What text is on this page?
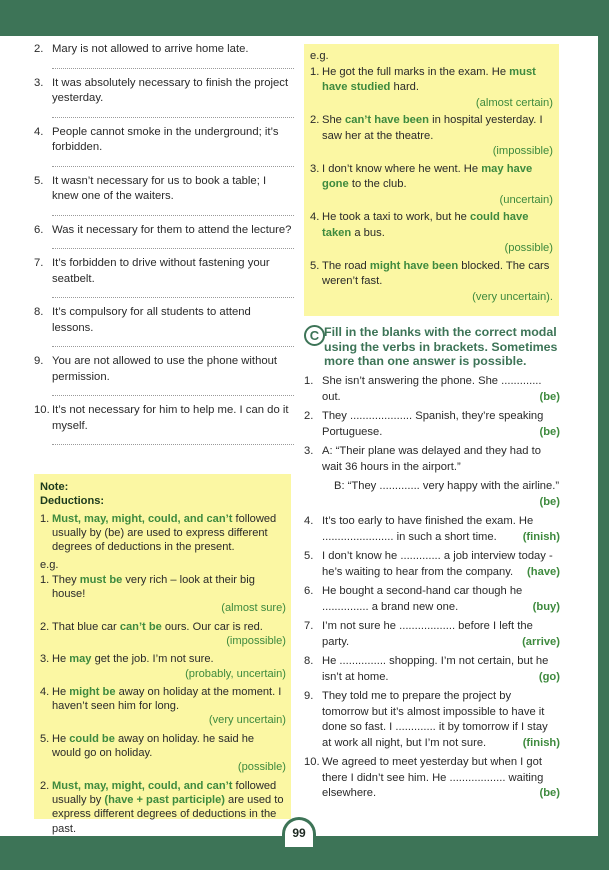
99
2. Mary is not allowed to arrive home late.
3. It was absolutely necessary to finish the project yesterday.
4. People cannot smoke in the underground; it’s forbidden.
5. It wasn’t necessary for us to book a table; I knew one of the waiters.
6. Was it necessary for them to attend the lecture?
7. It’s forbidden to drive without fastening your seatbelt.
8. It’s compulsory for all students to attend lessons.
9. You are not allowed to use the phone without permission.
10. It’s not necessary for him to help me. I can do it myself.
Note:
Deductions:
1. Must, may, might, could, and can’t followed usually by (be) are used to express different degrees of deductions in the present.
e.g.
1. They must be very rich – look at their big house!
(almost sure)
2. That blue car can’t be ours. Our car is red.
(impossible)
3. He may get the job. I’m not sure.
(probably, uncertain)
4. He might be away on holiday at the moment. I haven’t seen him for long.
(very uncertain)
5. He could be away on holiday. he said he would go on holiday.
(possible)
2. Must, may, might, could, and can’t followed usually by (have + past participle) are used to express different degrees of deductions in the past.
e.g.
1. He got the full marks in the exam. He must have studied hard.
(almost certain)
2. She can’t have been in hospital yesterday. I saw her at the theatre.
(impossible)
3. I don’t know where he went. He may have gone to the club.
(uncertain)
4. He took a taxi to work, but he could have taken a bus.
(possible)
5. The road might have been blocked. The cars weren’t fast.
(very uncertain).
C Fill in the blanks with the correct modal using the verbs in brackets. Sometimes more than one answer is possible.
1. She isn’t answering the phone. She ............. out.	(be)
2. They .................... Spanish, they’re speaking Portuguese.	(be)
3. A: “Their plane was delayed and they had to wait 36 hours in the airport.”
B: “They ............. very happy with the airline.”
(be)
4. It’s too early to have finished the exam. He ....................... in such a short time. (finish)
5. I don’t know he ............. a job interview today - he’s waiting to hear from the company. (have)
6. He bought a second-hand car though he ............... a brand new one.	(buy)
7. I’m not sure he .................. before I left the party.	(arrive)
8. He ............... shopping. I’m not certain, but he isn’t at home.	(go)
9. They told me to prepare the project by tomorrow but it’s almost impossible to have it done so fast. I ............. it by tomorrow if I stay at work all night, but I’m not sure.	(finish)
10. We agreed to meet yesterday but when I got there I didn’t see him. He .................. waiting elsewhere.	(be)
